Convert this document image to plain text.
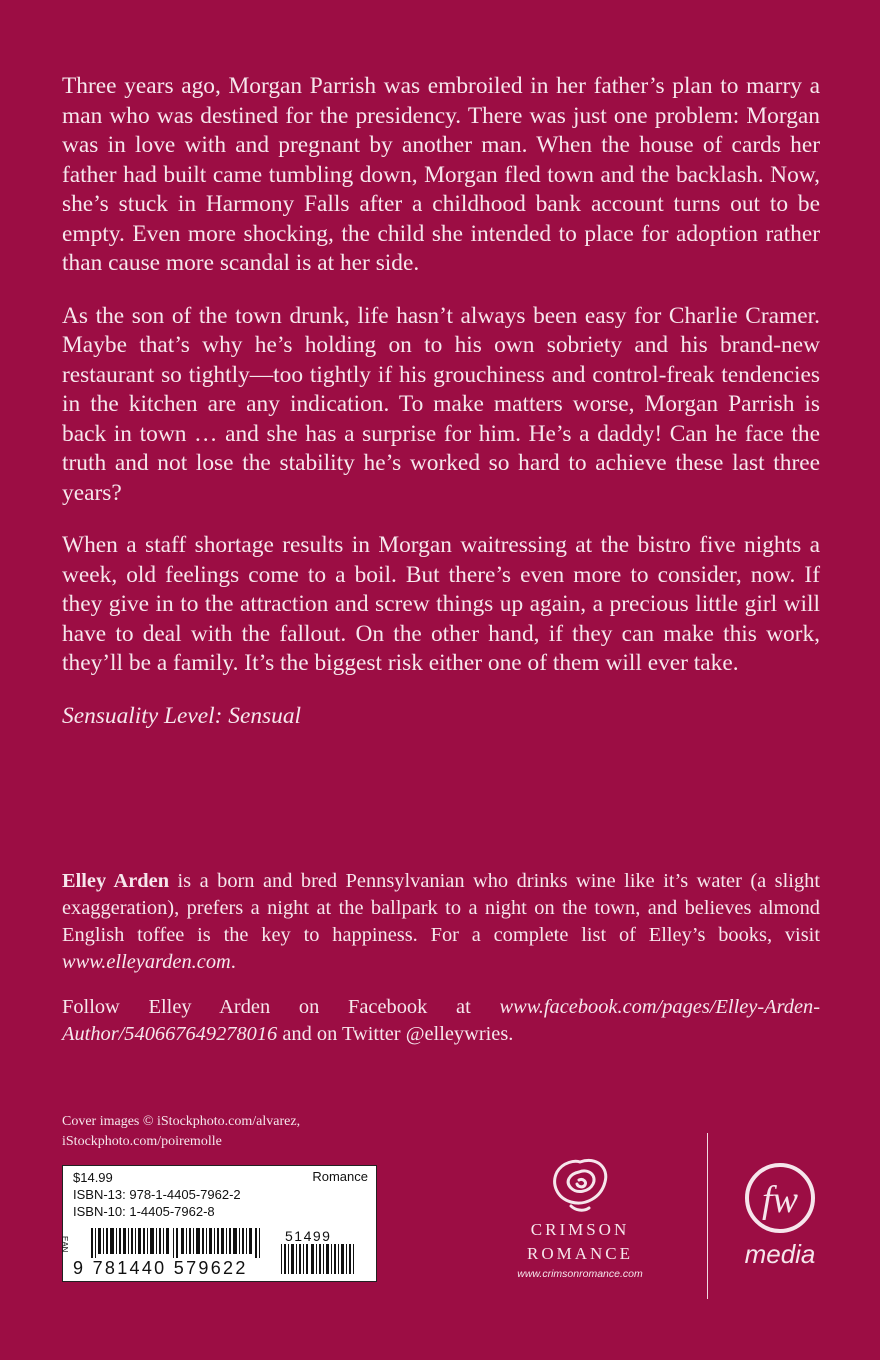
Three years ago, Morgan Parrish was embroiled in her father’s plan to marry a man who was destined for the presidency. There was just one problem: Morgan was in love with and pregnant by another man. When the house of cards her father had built came tumbling down, Morgan fled town and the backlash. Now, she’s stuck in Harmony Falls after a childhood bank account turns out to be empty. Even more shocking, the child she intended to place for adoption rather than cause more scandal is at her side.

As the son of the town drunk, life hasn’t always been easy for Charlie Cramer. Maybe that’s why he’s holding on to his own sobriety and his brand-new restaurant so tightly—too tightly if his grouchiness and control-freak tendencies in the kitchen are any indication. To make matters worse, Morgan Parrish is back in town … and she has a surprise for him. He’s a daddy! Can he face the truth and not lose the stability he’s worked so hard to achieve these last three years?

When a staff shortage results in Morgan waitressing at the bistro five nights a week, old feelings come to a boil. But there’s even more to consider, now. If they give in to the attraction and screw things up again, a precious little girl will have to deal with the fallout. On the other hand, if they can make this work, they’ll be a family. It’s the biggest risk either one of them will ever take.

Sensuality Level: Sensual

Elley Arden is a born and bred Pennsylvanian who drinks wine like it’s water (a slight exaggeration), prefers a night at the ballpark to a night on the town, and believes almond English toffee is the key to happiness. For a complete list of Elley’s books, visit www.elleyarden.com.

Follow Elley Arden on Facebook at www.facebook.com/pages/Elley-Arden-Author/540667649278016 and on Twitter @elleywries.

Cover images © iStockphoto.com/alvarez,
iStockphoto.com/poiremolle
$14.99
ISBN-13: 978-1-4405-7962-2
ISBN-10: 1-4405-7962-8
Romance
EAN
9 781440 579622
51499	CRIMSON
ROMANCE
www.crimsonromance.com
fw
media
